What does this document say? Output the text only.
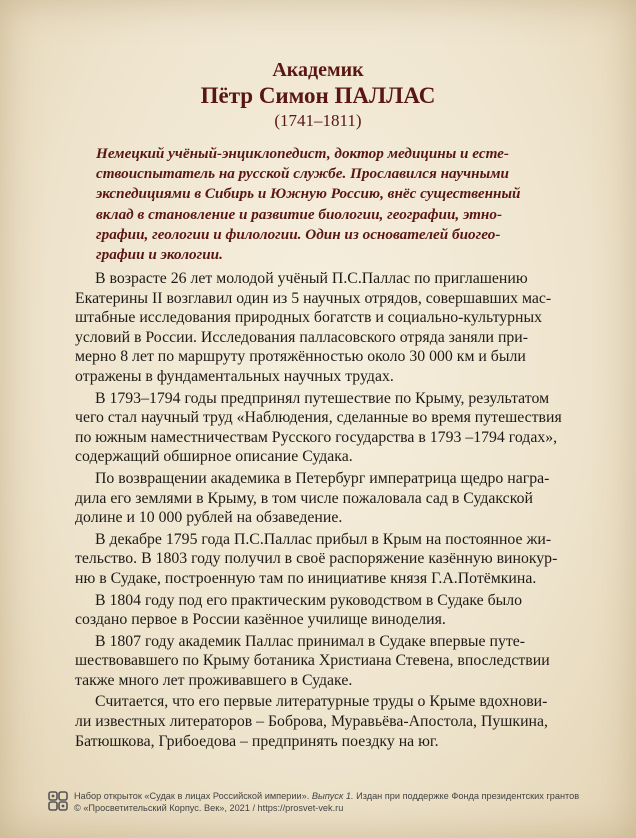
Академик
Пётр Симон ПАЛЛАС
(1741–1811)
Немецкий учёный-энциклопедист, доктор медицины и есте-
ствоиспытатель на русской службе. Прославился научными
экспедициями в Сибирь и Южную Россию, внёс существенный
вклад в становление и развитие биологии, географии, этно-
графии, геологии и филологии. Один из основателей биогео-
графии и экологии.
В возрасте 26 лет молодой учёный П.С.Паллас по приглашению
Екатерины II возглавил один из 5 научных отрядов, совершавших мас-
штабные исследования природных богатств и социально-культурных
условий в России. Исследования палласовского отряда заняли при-
мерно 8 лет по маршруту протяжённостью около 30 000 км и были
отражены в фундаментальных научных трудах.
В 1793–1794 годы предпринял путешествие по Крыму, результатом
чего стал научный труд «Наблюдения, сделанные во время путешествия
по южным наместничествам Русского государства в 1793 –1794 годах»,
содержащий обширное описание Судака.
По возвращении академика в Петербург императрица щедро награ-
дила его землями в Крыму, в том числе пожаловала сад в Судакской
долине и 10 000 рублей на обзаведение.
В декабре 1795 года П.С.Паллас прибыл в Крым на постоянное жи-
тельство. В 1803 году получил в своё распоряжение казённую винокур-
ню в Судаке, построенную там по инициативе князя Г.А.Потёмкина.
В 1804 году под его практическим руководством в Судаке было
создано первое в России казённое училище виноделия.
В 1807 году академик Паллас принимал в Судаке впервые путе-
шествовавшего по Крыму ботаника Христиана Стевена, впоследствии
также много лет проживавшего в Судаке.
Считается, что его первые литературные труды о Крыме вдохнови-
ли известных литераторов – Боброва, Муравьёва-Апостола, Пушкина,
Батюшкова, Грибоедова – предпринять поездку на юг.
Набор открыток «Судак в лицах Российской империи». Выпуск 1. Издан при поддержке Фонда президентских грантов
© «Просветительский Корпус. Век», 2021 / https://prosvet-vek.ru
